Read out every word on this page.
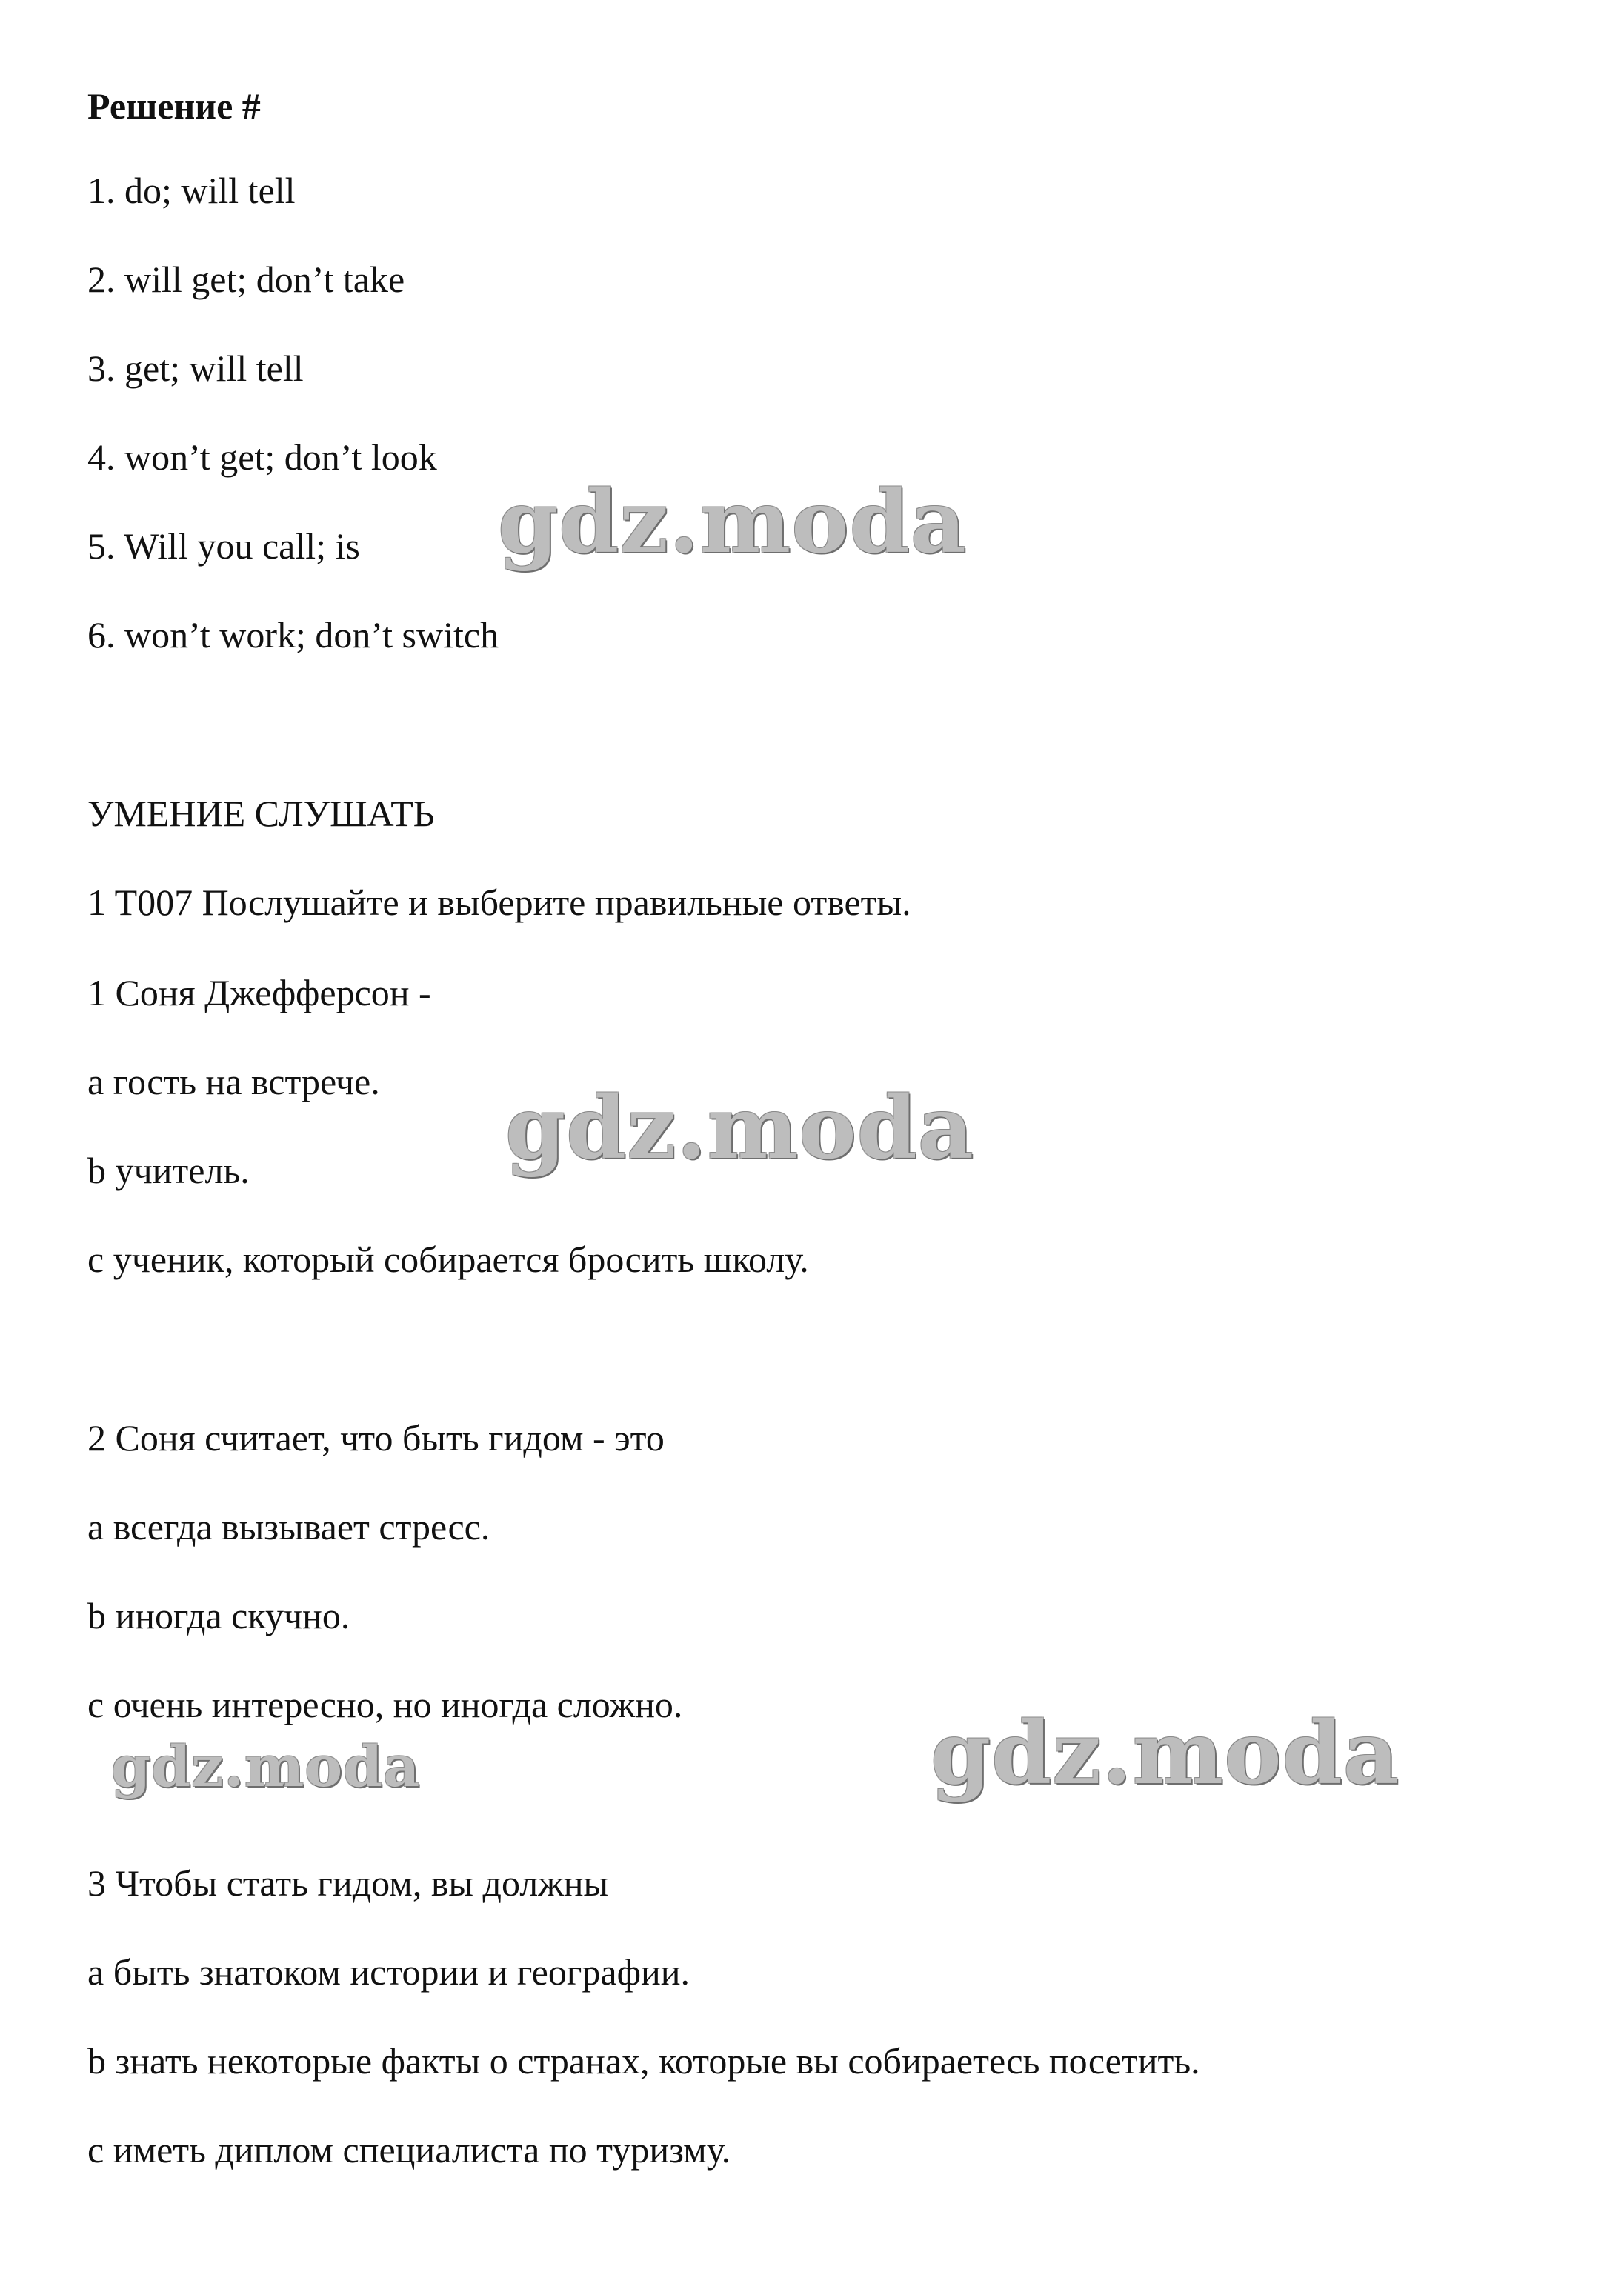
Решение #
1. do; will tell
2. will get; don’t take
3. get; will tell
4. won’t get; don’t look
5. Will you call; is
6. won’t work; don’t switch
УМЕНИЕ СЛУШАТЬ
1 T007 Послушайте и выберите правильные ответы.
1 Соня Джефферсон -
а гость на встрече.
b учитель.
c ученик, который собирается бросить школу.
2 Соня считает, что быть гидом - это
а всегда вызывает стресс.
b иногда скучно.
c очень интересно, но иногда сложно.
3 Чтобы стать гидом, вы должны
а быть знатоком истории и географии.
b знать некоторые факты о странах, которые вы собираетесь посетить.
c иметь диплом специалиста по туризму.
gdz.moda
gdz.moda
gdz.moda
gdz.moda
